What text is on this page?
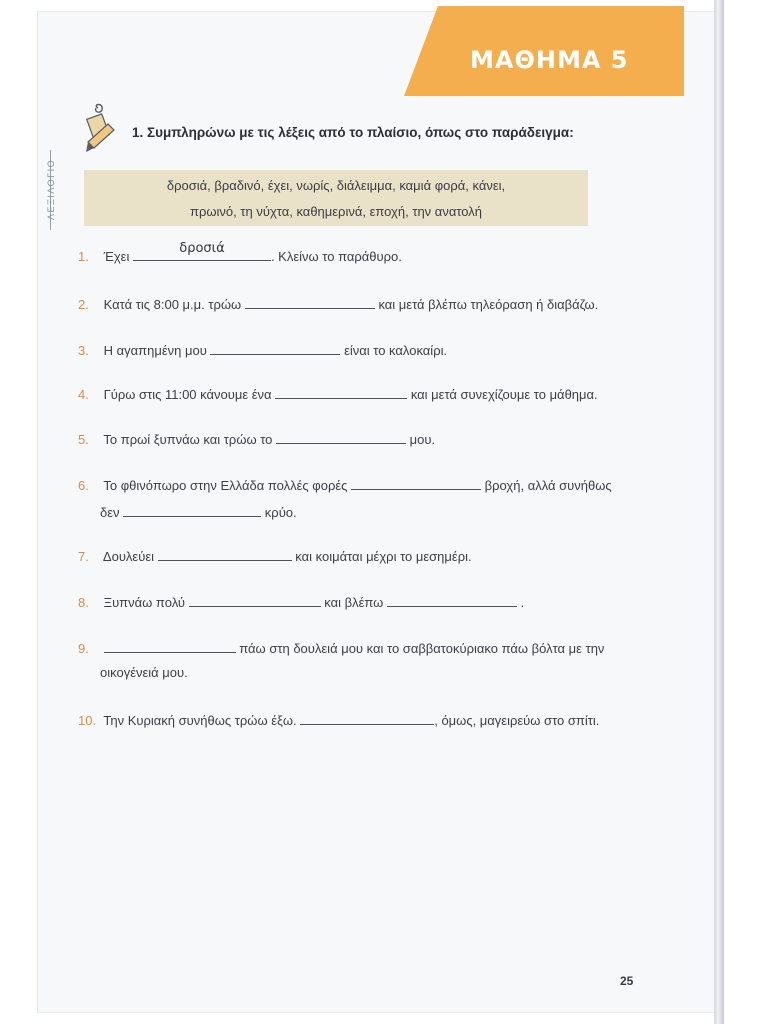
ΜΑΘΗΜΑ 5
ΛΕΞΙΛΟΓΙΟ
1. Συμπληρώνω με τις λέξεις από το πλαίσιο, όπως στο παράδειγμα:
δροσιά, βραδινό, έχει, νωρίς, διάλειμμα, καμιά φορά, κάνει,
πρωινό, τη νύχτα, καθημερινά, εποχή, την ανατολή
1. Έχει
δροσιά
. Κλείνω το παράθυρο.
2. Κατά τις 8:00 μ.μ. τρώω	και μετά βλέπω τηλεόραση ή διαβάζω.
3. Η αγαπημένη μου	είναι το καλοκαίρι.
4. Γύρω στις 11:00 κάνουμε ένα	και μετά συνεχίζουμε το μάθημα.
5. Το πρωί ξυπνάω και τρώω το	μου.
6. Το φθινόπωρο στην Ελλάδα πολλές φορές	βροχή, αλλά συνήθως
δεν	κρύο.
7. Δουλεύει	και κοιμάται μέχρι το μεσημέρι.
8. Ξυπνάω πολύ	και βλέπω	.
9.	πάω στη δουλειά μου και το σαββατοκύριακο πάω βόλτα με την
οικογένειά μου.
10. Την Κυριακή συνήθως τρώω έξω.	, όμως, μαγειρεύω στο σπίτι.
25
